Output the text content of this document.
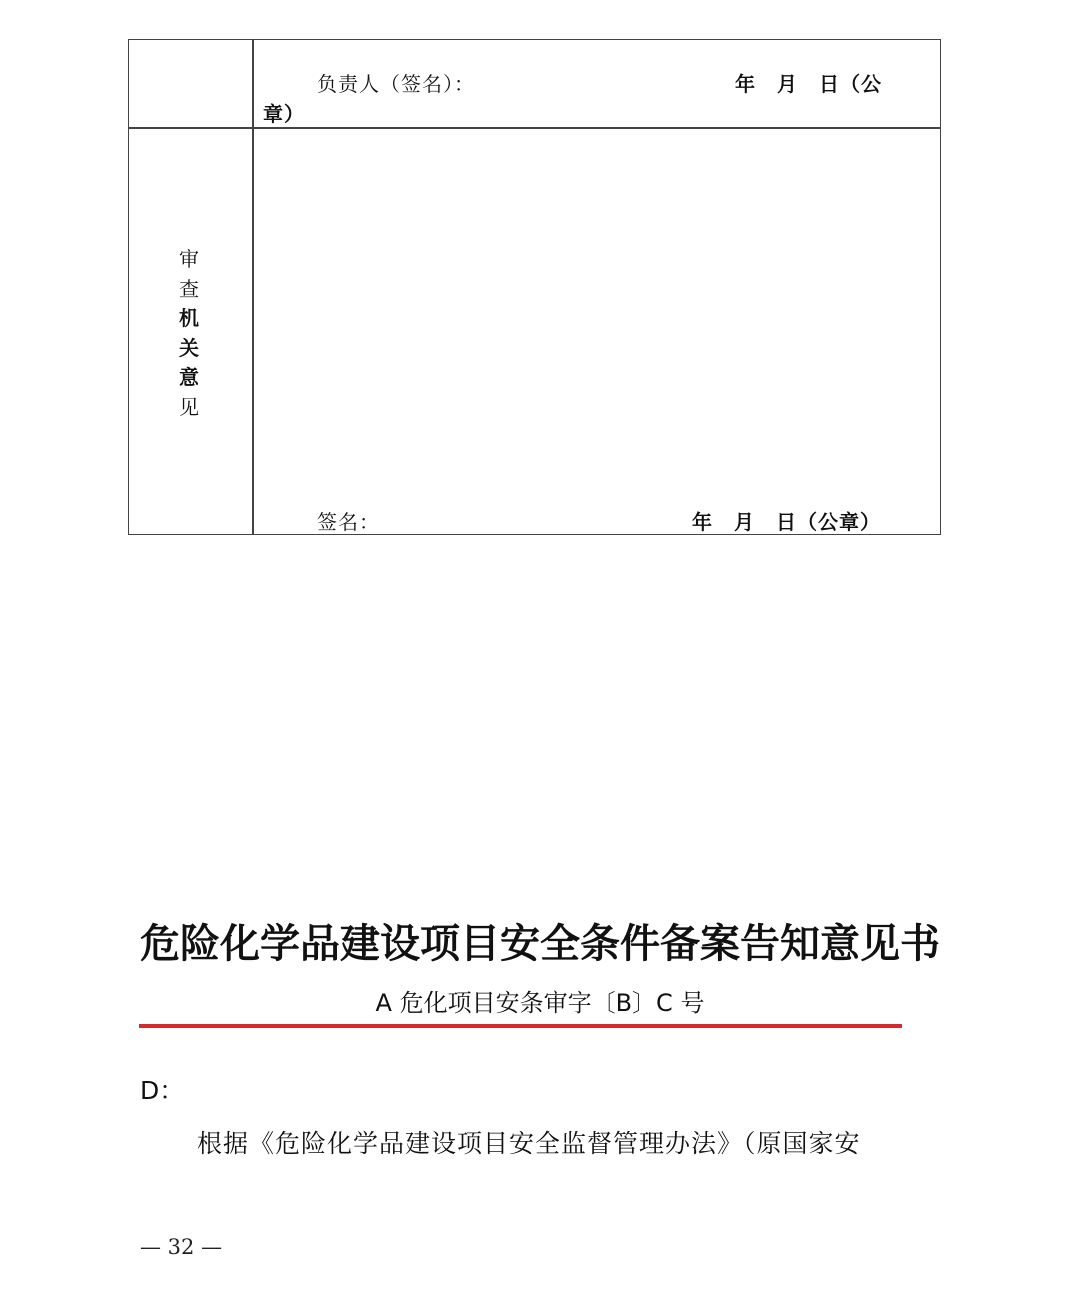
负责人（签名）：	年　月　日（公
章）
审
查
机
关
意
见
签名：	年　月　日（公章）
危险化学品建设项目安全条件备案告知意见书
A 危化项目安条审字〔B〕C 号
D：
根据《危险化学品建设项目安全监督管理办法》（原国家安
— 32 —
